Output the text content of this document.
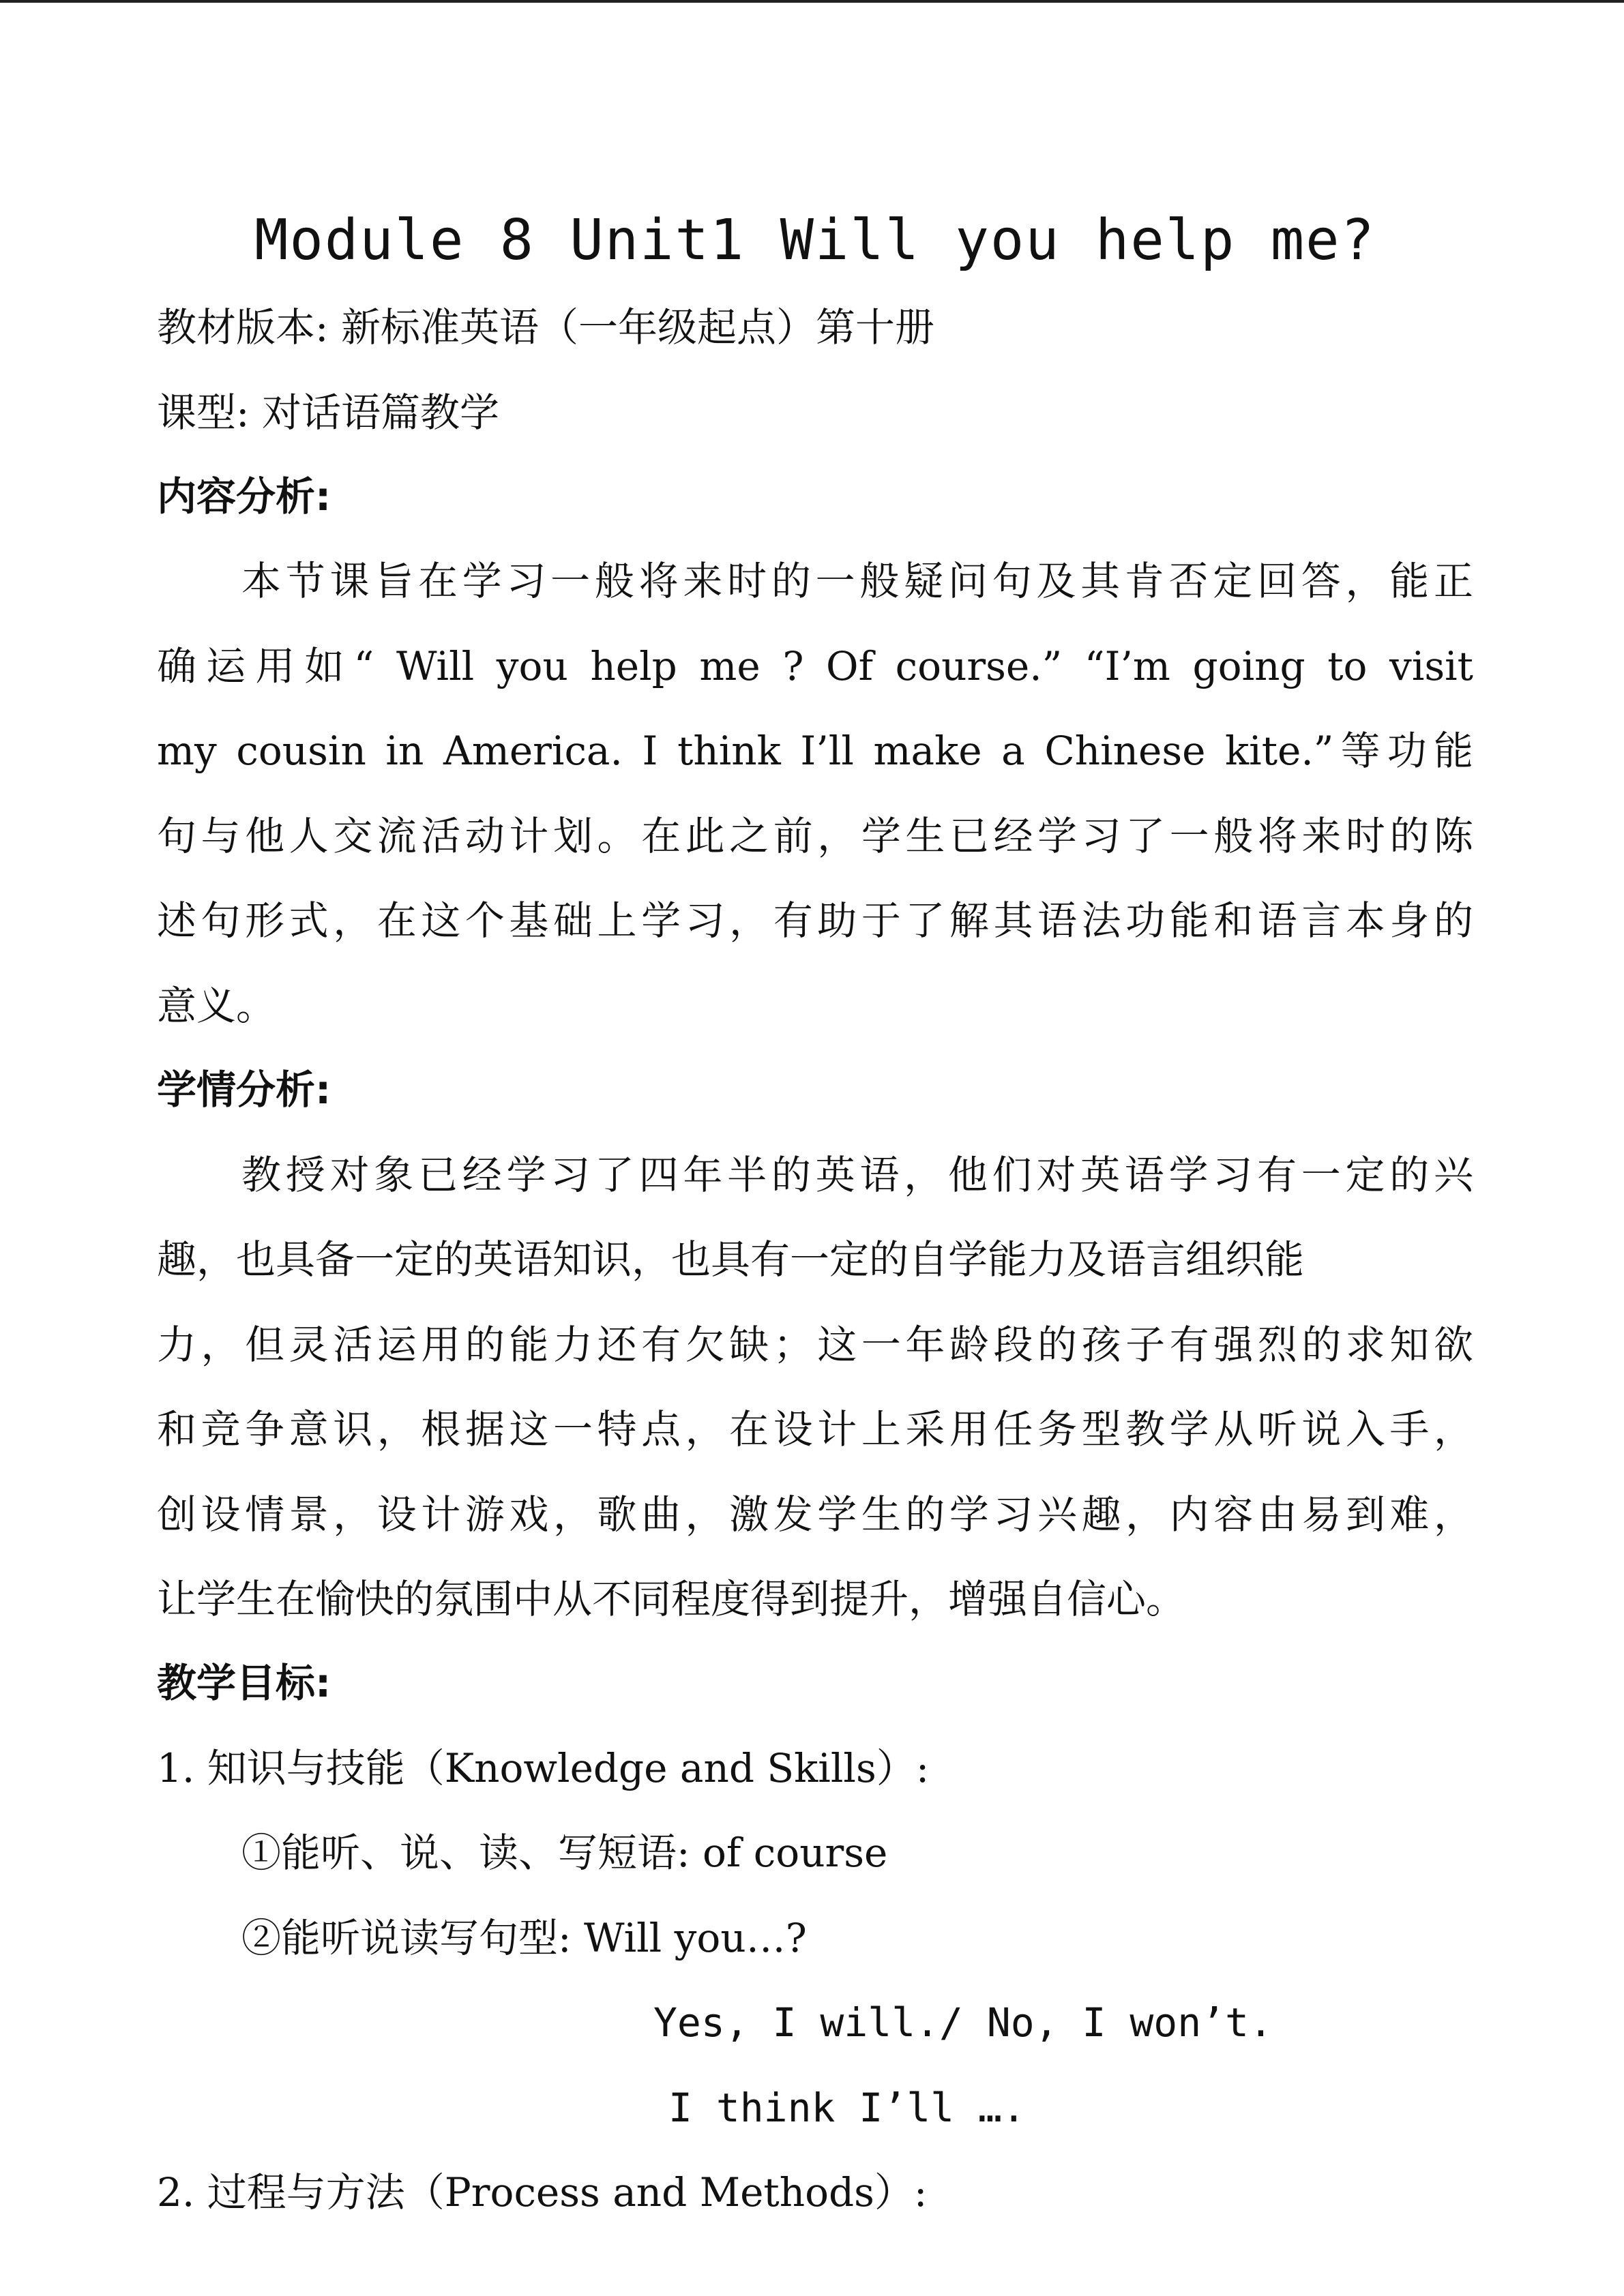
Module 8 Unit1 Will you help me?
教材版本: 新标准英语（一年级起点）第十册
课型: 对话语篇教学
内容分析:
本节课旨在学习一般将来时的一般疑问句及其肯否定回答，能正
确运用如“ Will you help me ? Of course.” “I’m going to visit
my cousin in America. I think I’ll make a Chinese kite.”等功能
句与他人交流活动计划。在此之前，学生已经学习了一般将来时的陈
述句形式，在这个基础上学习，有助于了解其语法功能和语言本身的
意义。
学情分析:
教授对象已经学习了四年半的英语，他们对英语学习有一定的兴
趣，也具备一定的英语知识，也具有一定的自学能力及语言组织能
力，但灵活运用的能力还有欠缺；这一年龄段的孩子有强烈的求知欲
和竞争意识，根据这一特点，在设计上采用任务型教学从听说入手，
创设情景，设计游戏，歌曲，激发学生的学习兴趣，内容由易到难，
让学生在愉快的氛围中从不同程度得到提升，增强自信心。
教学目标:
1. 知识与技能（Knowledge and Skills）:
①能听、说、读、写短语: of course
②能听说读写句型: Will you…?
Yes, I will./ No, I won’t.
I think I’ll ….
2. 过程与方法（Process and Methods）:
